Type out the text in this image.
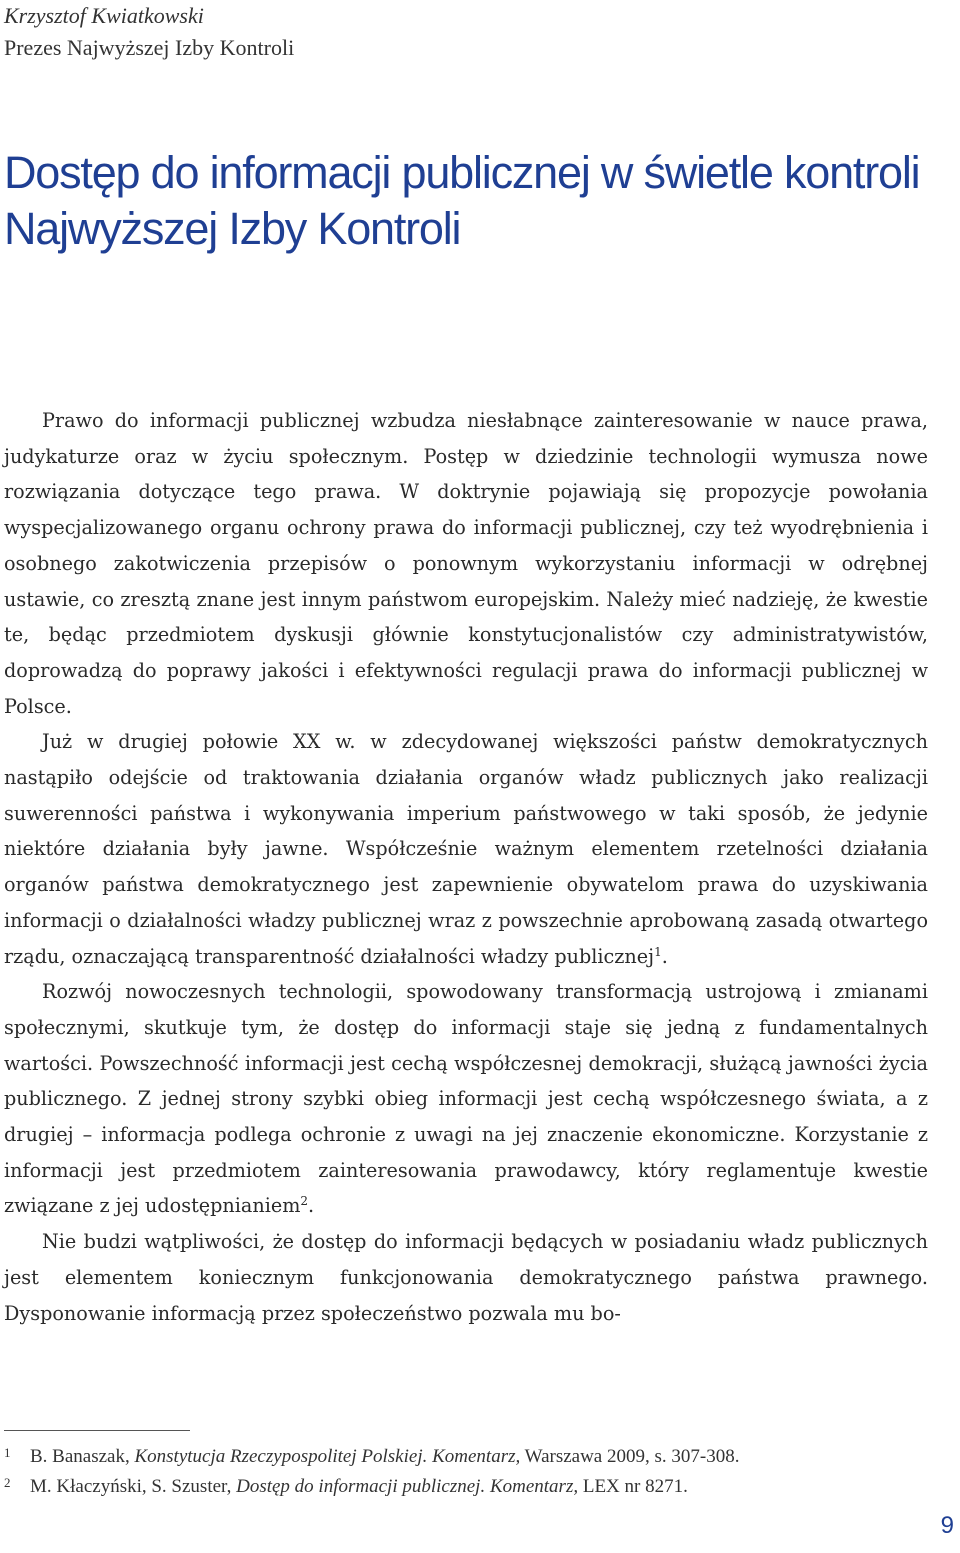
Krzysztof Kwiatkowski
Prezes Najwyższej Izby Kontroli
Dostęp do informacji publicznej w świetle kontroli Najwyższej Izby Kontroli

Prawo do informacji publicznej wzbudza niesłabnące zainteresowanie w nauce prawa, judykaturze oraz w życiu społecznym. Postęp w dziedzinie technologii wymusza nowe rozwiązania dotyczące tego prawa. W doktrynie pojawiają się propozycje powołania wyspecjalizowanego organu ochrony prawa do informacji publicznej, czy też wyodrębnienia i osobnego zakotwiczenia przepisów o ponownym wykorzystaniu informacji w odrębnej ustawie, co zresztą znane jest innym państwom europejskim. Należy mieć nadzieję, że kwestie te, będąc przedmiotem dyskusji głównie konstytucjonalistów czy administratywistów, doprowadzą do poprawy jakości i efektywności regulacji prawa do informacji publicznej w Polsce.

Już w drugiej połowie XX w. w zdecydowanej większości państw demokratycznych nastąpiło odejście od traktowania działania organów władz publicznych jako realizacji suwerenności państwa i wykonywania imperium państwowego w taki sposób, że jedynie niektóre działania były jawne. Współcześnie ważnym elementem rzetelności działania organów państwa demokratycznego jest zapewnienie obywatelom prawa do uzyskiwania informacji o działalności władzy publicznej wraz z powszechnie aprobowaną zasadą otwartego rządu, oznaczającą transparentność działalności władzy publicznej$^1$.

Rozwój nowoczesnych technologii, spowodowany transformacją ustrojową i zmianami społecznymi, skutkuje tym, że dostęp do informacji staje się jedną z fundamentalnych wartości. Powszechność informacji jest cechą współczesnej demokracji, służącą jawności życia publicznego. Z jednej strony szybki obieg informacji jest cechą współczesnego świata, a z drugiej – informacja podlega ochronie z uwagi na jej znaczenie ekonomiczne. Korzystanie z informacji jest przedmiotem zainteresowania prawodawcy, który reglamentuje kwestie związane z jej udostępnianiem$^2$.

Nie budzi wątpliwości, że dostęp do informacji będących w posiadaniu władz publicznych jest elementem koniecznym funkcjonowania demokratycznego państwa prawnego. Dysponowanie informacją przez społeczeństwo pozwala mu bo-

1 B. Banaszak, Konstytucja Rzeczypospolitej Polskiej. Komentarz, Warszawa 2009, s. 307-308.
2 M. Kłaczyński, S. Szuster, Dostęp do informacji publicznej. Komentarz, LEX nr 8271.
9
